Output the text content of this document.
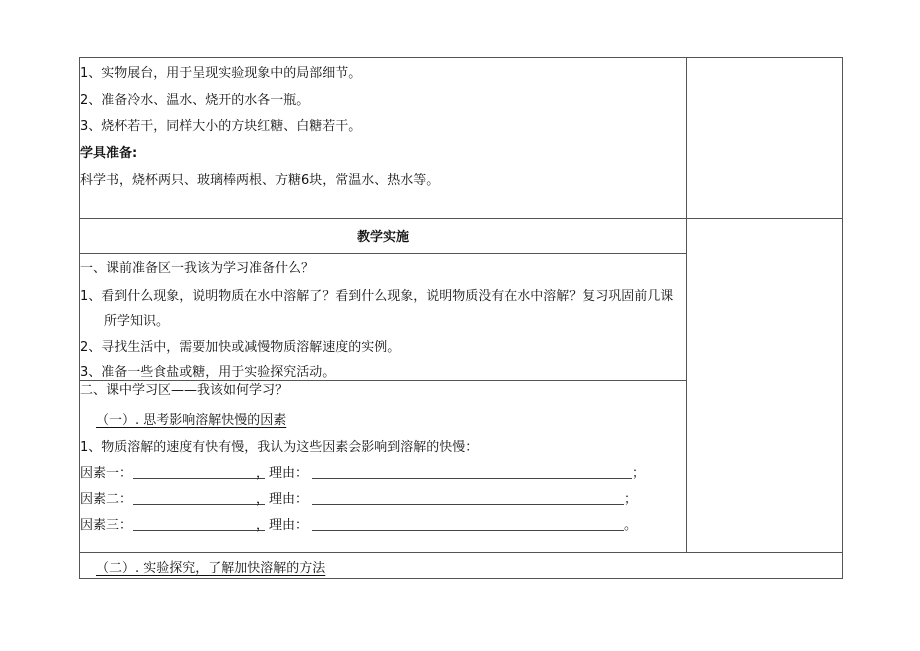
1、实物展台，用于呈现实验现象中的局部细节。
2、准备冷水、温水、烧开的水各一瓶。
3、烧杯若干，同样大小的方块红糖、白糖若干。
学具准备:
科学书，烧杯两只、玻璃棒两根、方糖6块，常温水、热水等。
教学实施
一、课前准备区一我该为学习准备什么？
1、看到什么现象，说明物质在水中溶解了？看到什么现象，说明物质没有在水中溶解？复习巩固前几课
所学知识。
2、寻找生活中，需要加快或减慢物质溶解速度的实例。
3、准备一些食盐或糖，用于实验探究活动。
二、课中学习区——我该如何学习？
（一）. 思考影响溶解快慢的因素
1、物质溶解的速度有快有慢，我认为这些因素会影响到溶解的快慢：
因素一：	，理由：	；
因素二：	，理由：	；
因素三：	，理由：	。
（二）. 实验探究，了解加快溶解的方法
